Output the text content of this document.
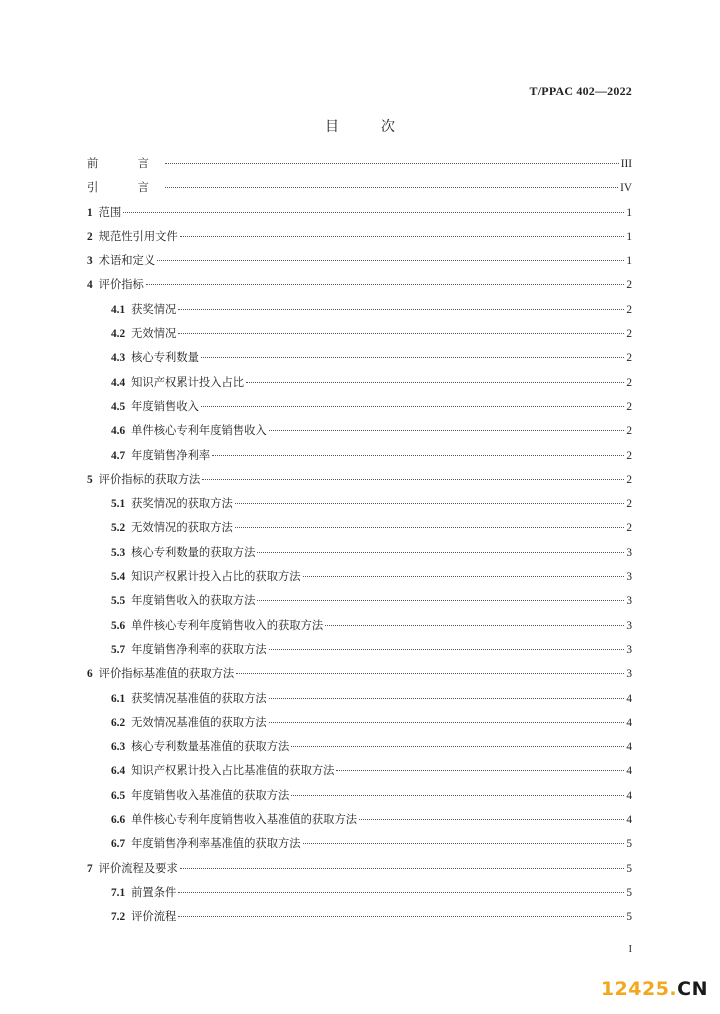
T/PPAC 402—2022
目　次
前　言	III
引　言	IV
1 范围	1
2 规范性引用文件	1
3 术语和定义	1
4 评价指标	2
4.1 获奖情况	2
4.2 无效情况	2
4.3 核心专利数量	2
4.4 知识产权累计投入占比	2
4.5 年度销售收入	2
4.6 单件核心专利年度销售收入	2
4.7 年度销售净利率	2
5 评价指标的获取方法	2
5.1 获奖情况的获取方法	2
5.2 无效情况的获取方法	2
5.3 核心专利数量的获取方法	3
5.4 知识产权累计投入占比的获取方法	3
5.5 年度销售收入的获取方法	3
5.6 单件核心专利年度销售收入的获取方法	3
5.7 年度销售净利率的获取方法	3
6 评价指标基准值的获取方法	3
6.1 获奖情况基准值的获取方法	4
6.2 无效情况基准值的获取方法	4
6.3 核心专利数量基准值的获取方法	4
6.4 知识产权累计投入占比基准值的获取方法	4
6.5 年度销售收入基准值的获取方法	4
6.6 单件核心专利年度销售收入基准值的获取方法	4
6.7 年度销售净利率基准值的获取方法	5
7 评价流程及要求	5
7.1 前置条件	5
7.2 评价流程	5
I
12425.CN
